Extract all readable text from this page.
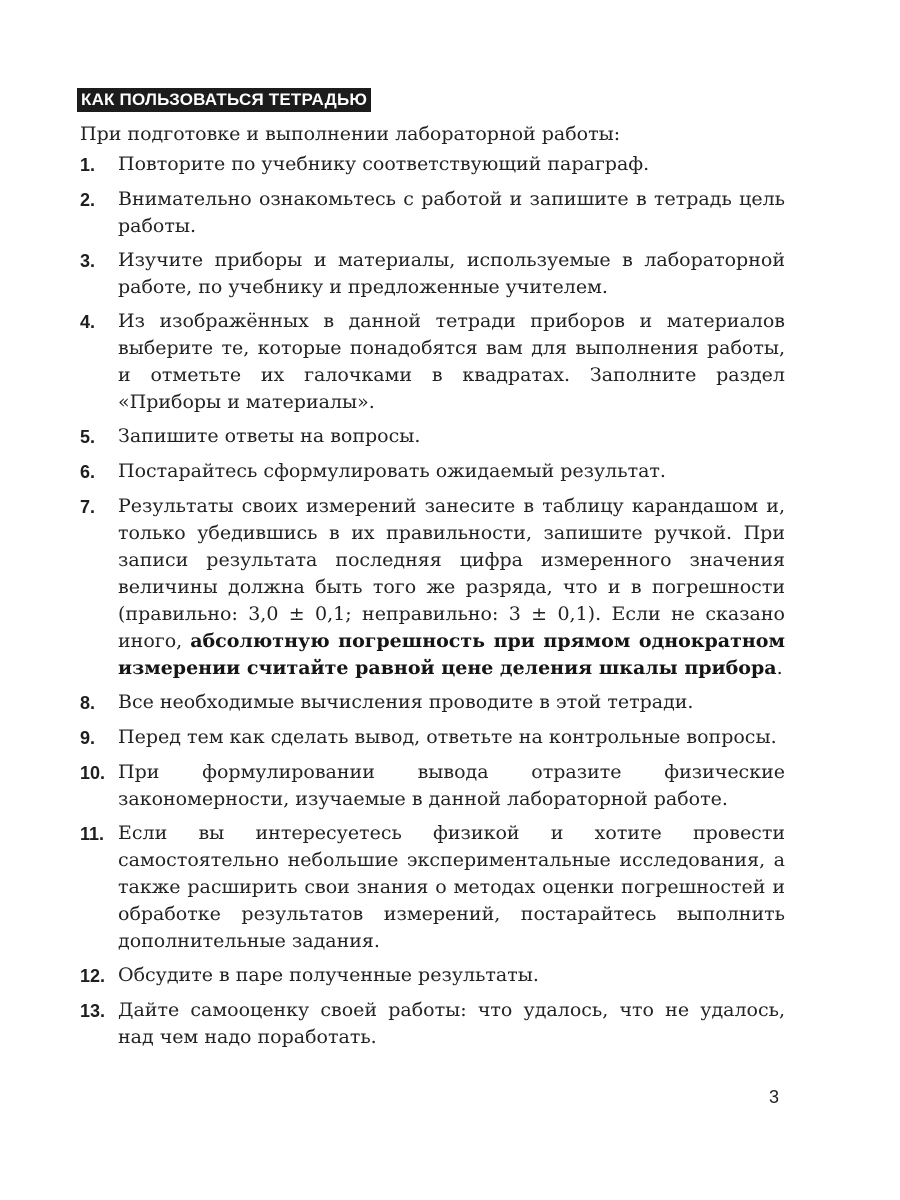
КАК ПОЛЬЗОВАТЬСЯ ТЕТРАДЬЮ
При подготовке и выполнении лабораторной работы:
1.	Повторите по учебнику соответствующий параграф.
2.	Внимательно ознакомьтесь с работой и запишите в тетрадь цель работы.
3.	Изучите приборы и материалы, используемые в лабораторной работе, по учебнику и предложенные учителем.
4.	Из изображённых в данной тетради приборов и материалов выберите те, которые понадобятся вам для выполнения работы, и отметьте их галочками в квадратах. Заполните раздел «Приборы и материалы».
5.	Запишите ответы на вопросы.
6.	Постарайтесь сформулировать ожидаемый результат.
7.	Результаты своих измерений занесите в таблицу карандашом и, только убедившись в их правильности, запишите ручкой. При записи результата последняя цифра измеренного значения величины должна быть того же разряда, что и в погрешности (правильно: 3,0 ± 0,1; неправильно: 3 ± 0,1). Если не сказано иного, абсолютную погрешность при прямом однократном измерении считайте равной цене деления шкалы прибора.
8.	Все необходимые вычисления проводите в этой тетради.
9.	Перед тем как сделать вывод, ответьте на контрольные вопросы.
10. При формулировании вывода отразите физические закономерности, изучаемые в данной лабораторной работе.
11. Если вы интересуетесь физикой и хотите провести самостоятельно небольшие экспериментальные исследования, а также расширить свои знания о методах оценки погрешностей и обработке результатов измерений, постарайтесь выполнить дополнительные задания.
12. Обсудите в паре полученные результаты.
13. Дайте самооценку своей работы: что удалось, что не удалось, над чем надо поработать.
3
